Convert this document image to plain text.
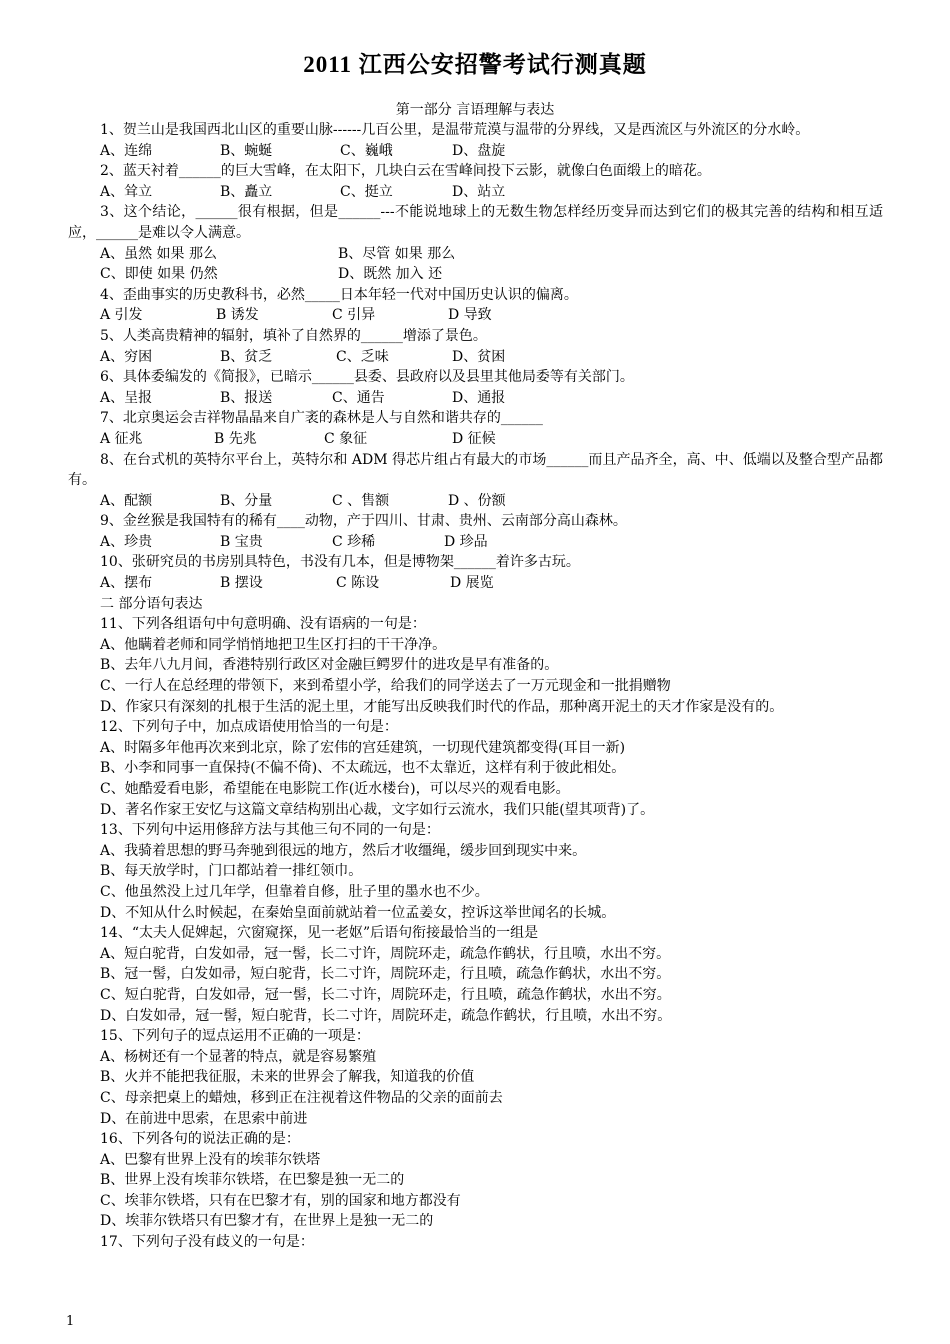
2011 江西公安招警考试行测真题
第一部分 言语理解与表达

1、贺兰山是我国西北山区的重要山脉------几百公里，是温带荒漠与温带的分界线，又是西流区与外流区的分水岭。

A、连绵	B、蜿蜒	C、巍峨	D、盘旋

2、蓝天衬着______的巨大雪峰，在太阳下，几块白云在雪峰间投下云影，就像白色面缎上的暗花。

A、耸立	B、矗立	C、挺立	D、站立

3、这个结论，______很有根据，但是______---不能说地球上的无数生物怎样经历变异而达到它们的极其完善的结构和相互适应，______是难以令人满意。

A、虽然 如果 那么	B、尽管 如果 那么

C、即使 如果 仍然	D、既然 加入 还

4、歪曲事实的历史教科书，必然_____日本年轻一代对中国历史认识的偏离。

A 引发	B 诱发	C 引异	D 导致

5、人类高贵精神的辐射，填补了自然界的______增添了景色。

A、穷困	B、贫乏	C、乏味	D、贫困

6、具体委编发的《简报》，已暗示______县委、县政府以及县里其他局委等有关部门。

A、呈报	B、报送	C、通告	D、通报

7、北京奥运会吉祥物晶晶来自广袤的森林是人与自然和谐共存的______

A 征兆	B 先兆	C 象征	D 征候

8、在台式机的英特尔平台上，英特尔和 ADM 得芯片组占有最大的市场______而且产品齐全，高、中、低端以及整合型产品都有。

A、配额	B、分量	C 、售额	D 、份额

9、金丝猴是我国特有的稀有____动物，产于四川、甘肃、贵州、云南部分高山森林。

A、珍贵	B 宝贵	C 珍稀	D 珍品

10、张研究员的书房别具特色，书没有几本，但是博物架______着许多古玩。

A、摆布	B 摆设	C 陈设	D 展览

二 部分语句表达

11、下列各组语句中句意明确、没有语病的一句是：

A、他瞒着老师和同学悄悄地把卫生区打扫的干干净净。

B、去年八九月间，香港特别行政区对金融巨鳄罗什的进攻是早有准备的。

C、一行人在总经理的带领下，来到希望小学，给我们的同学送去了一万元现金和一批捐赠物

D、作家只有深刻的扎根于生活的泥土里，才能写出反映我们时代的作品，那种离开泥土的天才作家是没有的。

12、下列句子中，加点成语使用恰当的一句是：

A、时隔多年他再次来到北京，除了宏伟的宫廷建筑，一切现代建筑都变得(耳目一新)

B、小李和同事一直保持(不偏不倚)、不太疏远，也不太靠近，这样有利于彼此相处。

C、她酷爱看电影，希望能在电影院工作(近水楼台)，可以尽兴的观看电影。

D、著名作家王安忆与这篇文章结构别出心裁，文字如行云流水，我们只能(望其项背)了。

13、下列句中运用修辞方法与其他三句不同的一句是：

A、我骑着思想的野马奔驰到很远的地方，然后才收缰绳，缓步回到现实中来。

B、每天放学时，门口都站着一排红领巾。

C、他虽然没上过几年学，但靠着自修，肚子里的墨水也不少。

D、不知从什么时候起，在秦始皇面前就站着一位孟姜女，控诉这举世闻名的长城。

14、“太夫人促婢起，穴窗窥探，见一老妪”后语句衔接最恰当的一组是

A、短白驼背，白发如帚，冠一髻，长二寸许，周院环走，疏急作鹤状，行且喷，水出不穷。

B、冠一髻，白发如帚，短白驼背，长二寸许，周院环走，行且喷，疏急作鹤状，水出不穷。

C、短白驼背，白发如帚，冠一髻，长二寸许，周院环走，行且喷，疏急作鹤状，水出不穷。

D、白发如帚，冠一髻，短白驼背，长二寸许，周院环走，疏急作鹤状，行且喷，水出不穷。

15、下列句子的逗点运用不正确的一项是：

A、杨树还有一个显著的特点，就是容易繁殖

B、火并不能把我征服，未来的世界会了解我，知道我的价值

C、母亲把桌上的蜡烛，移到正在注视着这件物品的父亲的面前去

D、在前进中思索，在思索中前进

16、下列各句的说法正确的是：

A、巴黎有世界上没有的埃菲尔铁塔

B、世界上没有埃菲尔铁塔，在巴黎是独一无二的

C、埃菲尔铁塔，只有在巴黎才有，别的国家和地方都没有

D、埃菲尔铁塔只有巴黎才有，在世界上是独一无二的

17、下列句子没有歧义的一句是：

1
